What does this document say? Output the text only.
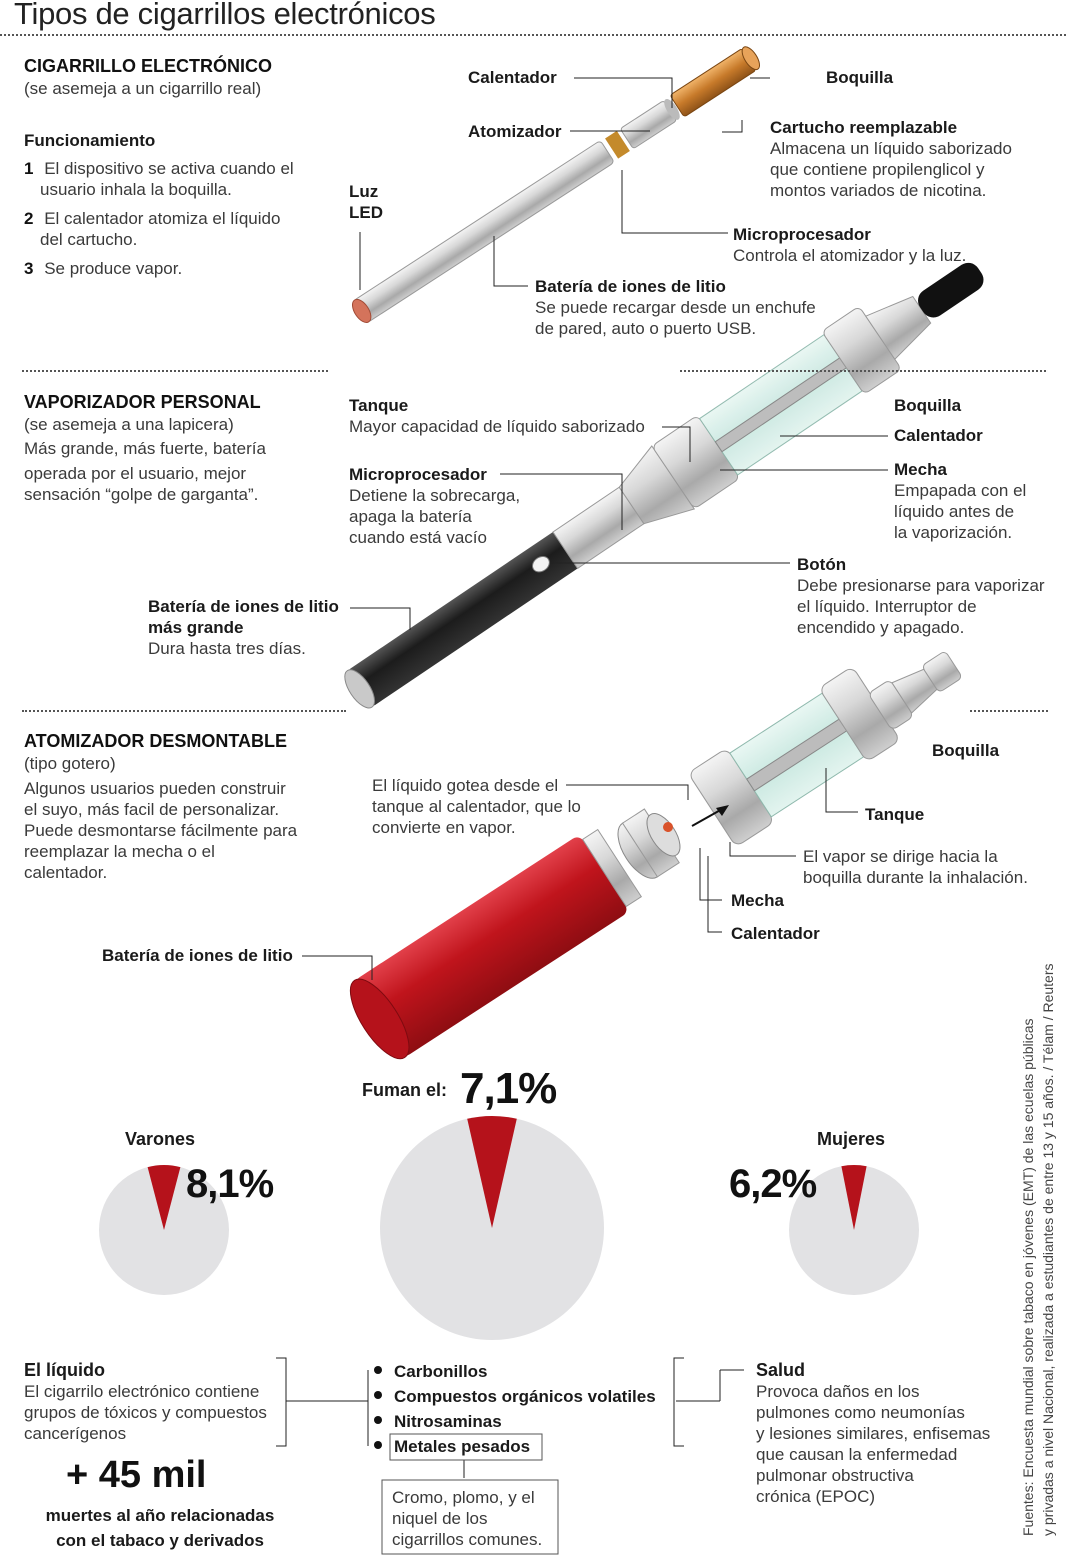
Tipos de cigarrillos electrónicos
CIGARRILLO ELECTRÓNICO
(se asemeja a un cigarrillo real)
Funcionamiento
1 El dispositivo se activa cuando el
usuario inhala la boquilla.
2 El calentador atomiza el líquido
del cartucho.
3 Se produce vapor.
Calentador	Boquilla
Atomizador	Cartucho reemplazable
Almacena un líquido saborizado
que contiene propilenglicol y
montos variados de nicotina.
Luz
LED
Microprocesador
Controla el atomizador y la luz.
Batería de iones de litio
Se puede recargar desde un enchufe
de pared, auto o puerto USB.
VAPORIZADOR PERSONAL
(se asemeja a una lapicera)
Más grande, más fuerte, batería
operada por el usuario, mejor
sensación “golpe de garganta”.
Tanque
Mayor capacidad de líquido saborizado
Microprocesador
Detiene la sobrecarga,
apaga la batería
cuando está vacío
Batería de iones de litio
más grande
Dura hasta tres días.
Boquilla
Calentador
Mecha
Empapada con el
líquido antes de
la vaporización.
Botón
Debe presionarse para vaporizar
el líquido. Interruptor de
encendido y apagado.
ATOMIZADOR DESMONTABLE
(tipo gotero)
Algunos usuarios pueden construir
el suyo, más facil de personalizar.
Puede desmontarse fácilmente para
reemplazar la mecha o el
calentador.
El líquido gotea desde el
tanque al calentador, que lo
convierte en vapor.
Boquilla
Tanque
El vapor se dirige hacia la
boquilla durante la inhalación.
Mecha
Calentador
Batería de iones de litio
Fuman el: 7,1%
Varones
8,1%
Mujeres
6,2%
El líquido
El cigarrilo electrónico contiene
grupos de tóxicos y compuestos
cancerígenos
+ 45 mil
muertes al año relacionadas
con el tabaco y derivados
Carbonillos
Compuestos orgánicos volatiles
Nitrosaminas
Metales pesados
Cromo, plomo, y el
niquel de los
cigarrillos comunes.
Salud
Provoca daños en los
pulmones como neumonías
y lesiones similares, enfisemas
que causan la enfermedad
pulmonar obstructiva
crónica (EPOC)	Fuentes: Encuesta mundial sobre tabaco en jóvenes (EMT) de las ecuelas públicas y privadas a nivel Nacional, realizada a estudiantes de entre 13 y 15 años. / Télam / Reuters
